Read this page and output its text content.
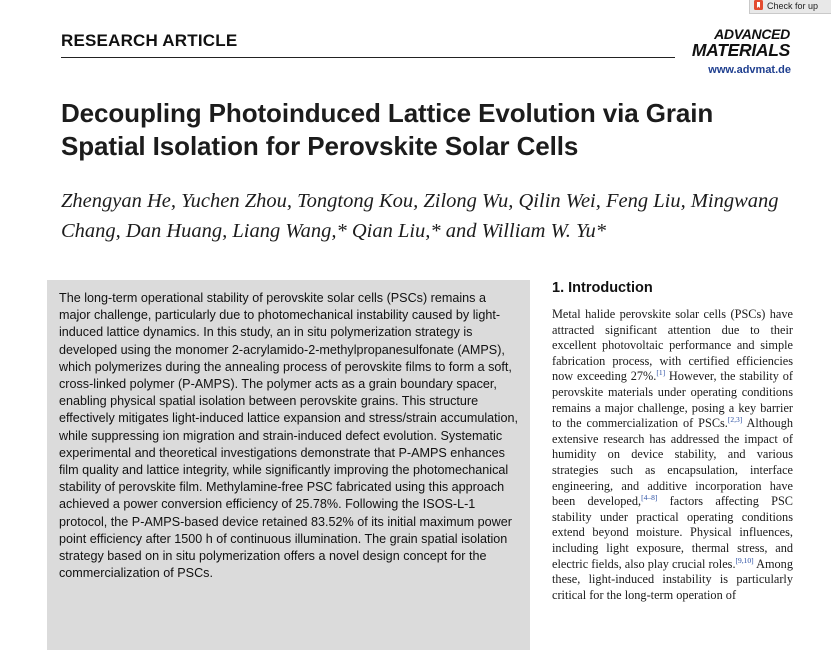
Check for up
RESEARCH ARTICLE	ADVANCED
MATERIALS
www.advmat.de
Decoupling Photoinduced Lattice Evolution via Grain Spatial Isolation for Perovskite Solar Cells

Zhengyan He, Yuchen Zhou, Tongtong Kou, Zilong Wu, Qilin Wei, Feng Liu, Mingwang Chang, Dan Huang, Liang Wang,* Qian Liu,* and William W. Yu*

The long-term operational stability of perovskite solar cells (PSCs) remains a major challenge, particularly due to photomechanical instability caused by light-induced lattice dynamics. In this study, an in situ polymerization strategy is developed using the monomer 2-acrylamido-2-methylpropanesulfonate (AMPS), which polymerizes during the annealing process of perovskite films to form a soft, cross-linked polymer (P-AMPS). The polymer acts as a grain boundary spacer, enabling physical spatial isolation between perovskite grains. This structure effectively mitigates light-induced lattice expansion and stress/strain accumulation, while suppressing ion migration and strain-induced defect evolution. Systematic experimental and theoretical investigations demonstrate that P-AMPS enhances film quality and lattice integrity, while significantly improving the photomechanical stability of perovskite film. Methylamine-free PSC fabricated using this approach achieved a power conversion efficiency of 25.78%. Following the ISOS-L-1 protocol, the P-AMPS-based device retained 83.52% of its initial maximum power point efficiency after 1500 h of continuous illumination. The grain spatial isolation strategy based on in situ polymerization offers a novel design concept for the commercialization of PSCs.

1. Introduction

Metal halide perovskite solar cells (PSCs) have attracted significant attention due to their excellent photovoltaic performance and simple fabrication process, with certified efficiencies now exceeding 27%.[1] However, the stability of perovskite materials under operating conditions remains a major challenge, posing a key barrier to the commercialization of PSCs.[2,3] Although extensive research has addressed the impact of humidity on device stability, and various strategies such as encapsulation, interface engineering, and additive incorporation have been developed,[4–8] factors affecting PSC stability under practical operating conditions extend beyond moisture. Physical influences, including light exposure, thermal stress, and electric fields, also play crucial roles.[9,10] Among these, light-induced instability is particularly critical for the long-term operation of
